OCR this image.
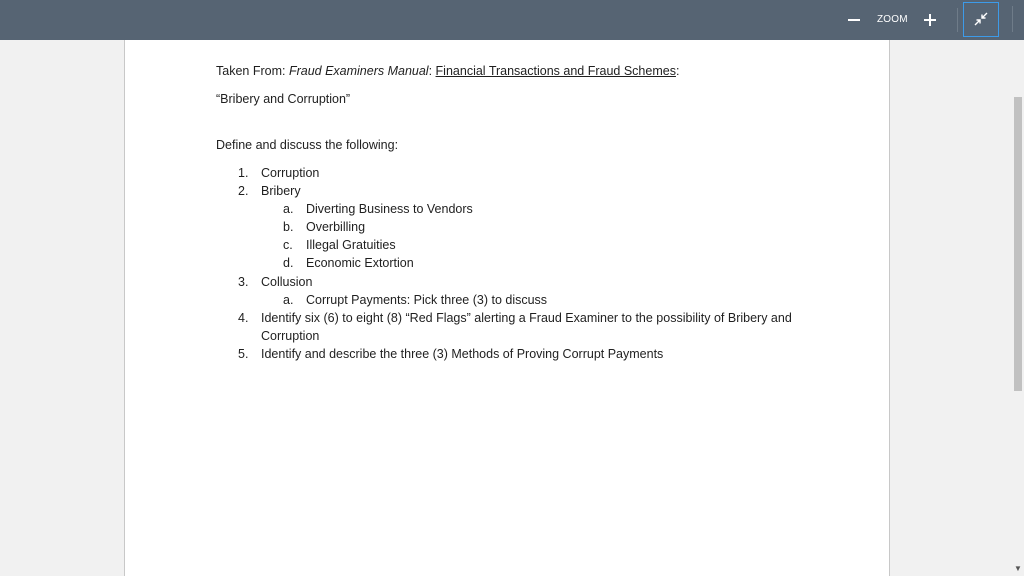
ZOOM
Taken From: Fraud Examiners Manual: Financial Transactions and Fraud Schemes:
“Bribery and Corruption”
Define and discuss the following:
1. Corruption
2. Bribery
a. Diverting Business to Vendors
b. Overbilling
c. Illegal Gratuities
d. Economic Extortion
3. Collusion
a. Corrupt Payments: Pick three (3) to discuss
4. Identify six (6) to eight (8) “Red Flags” alerting a Fraud Examiner to the possibility of Bribery and
Corruption
5. Identify and describe the three (3) Methods of Proving Corrupt Payments
▼
